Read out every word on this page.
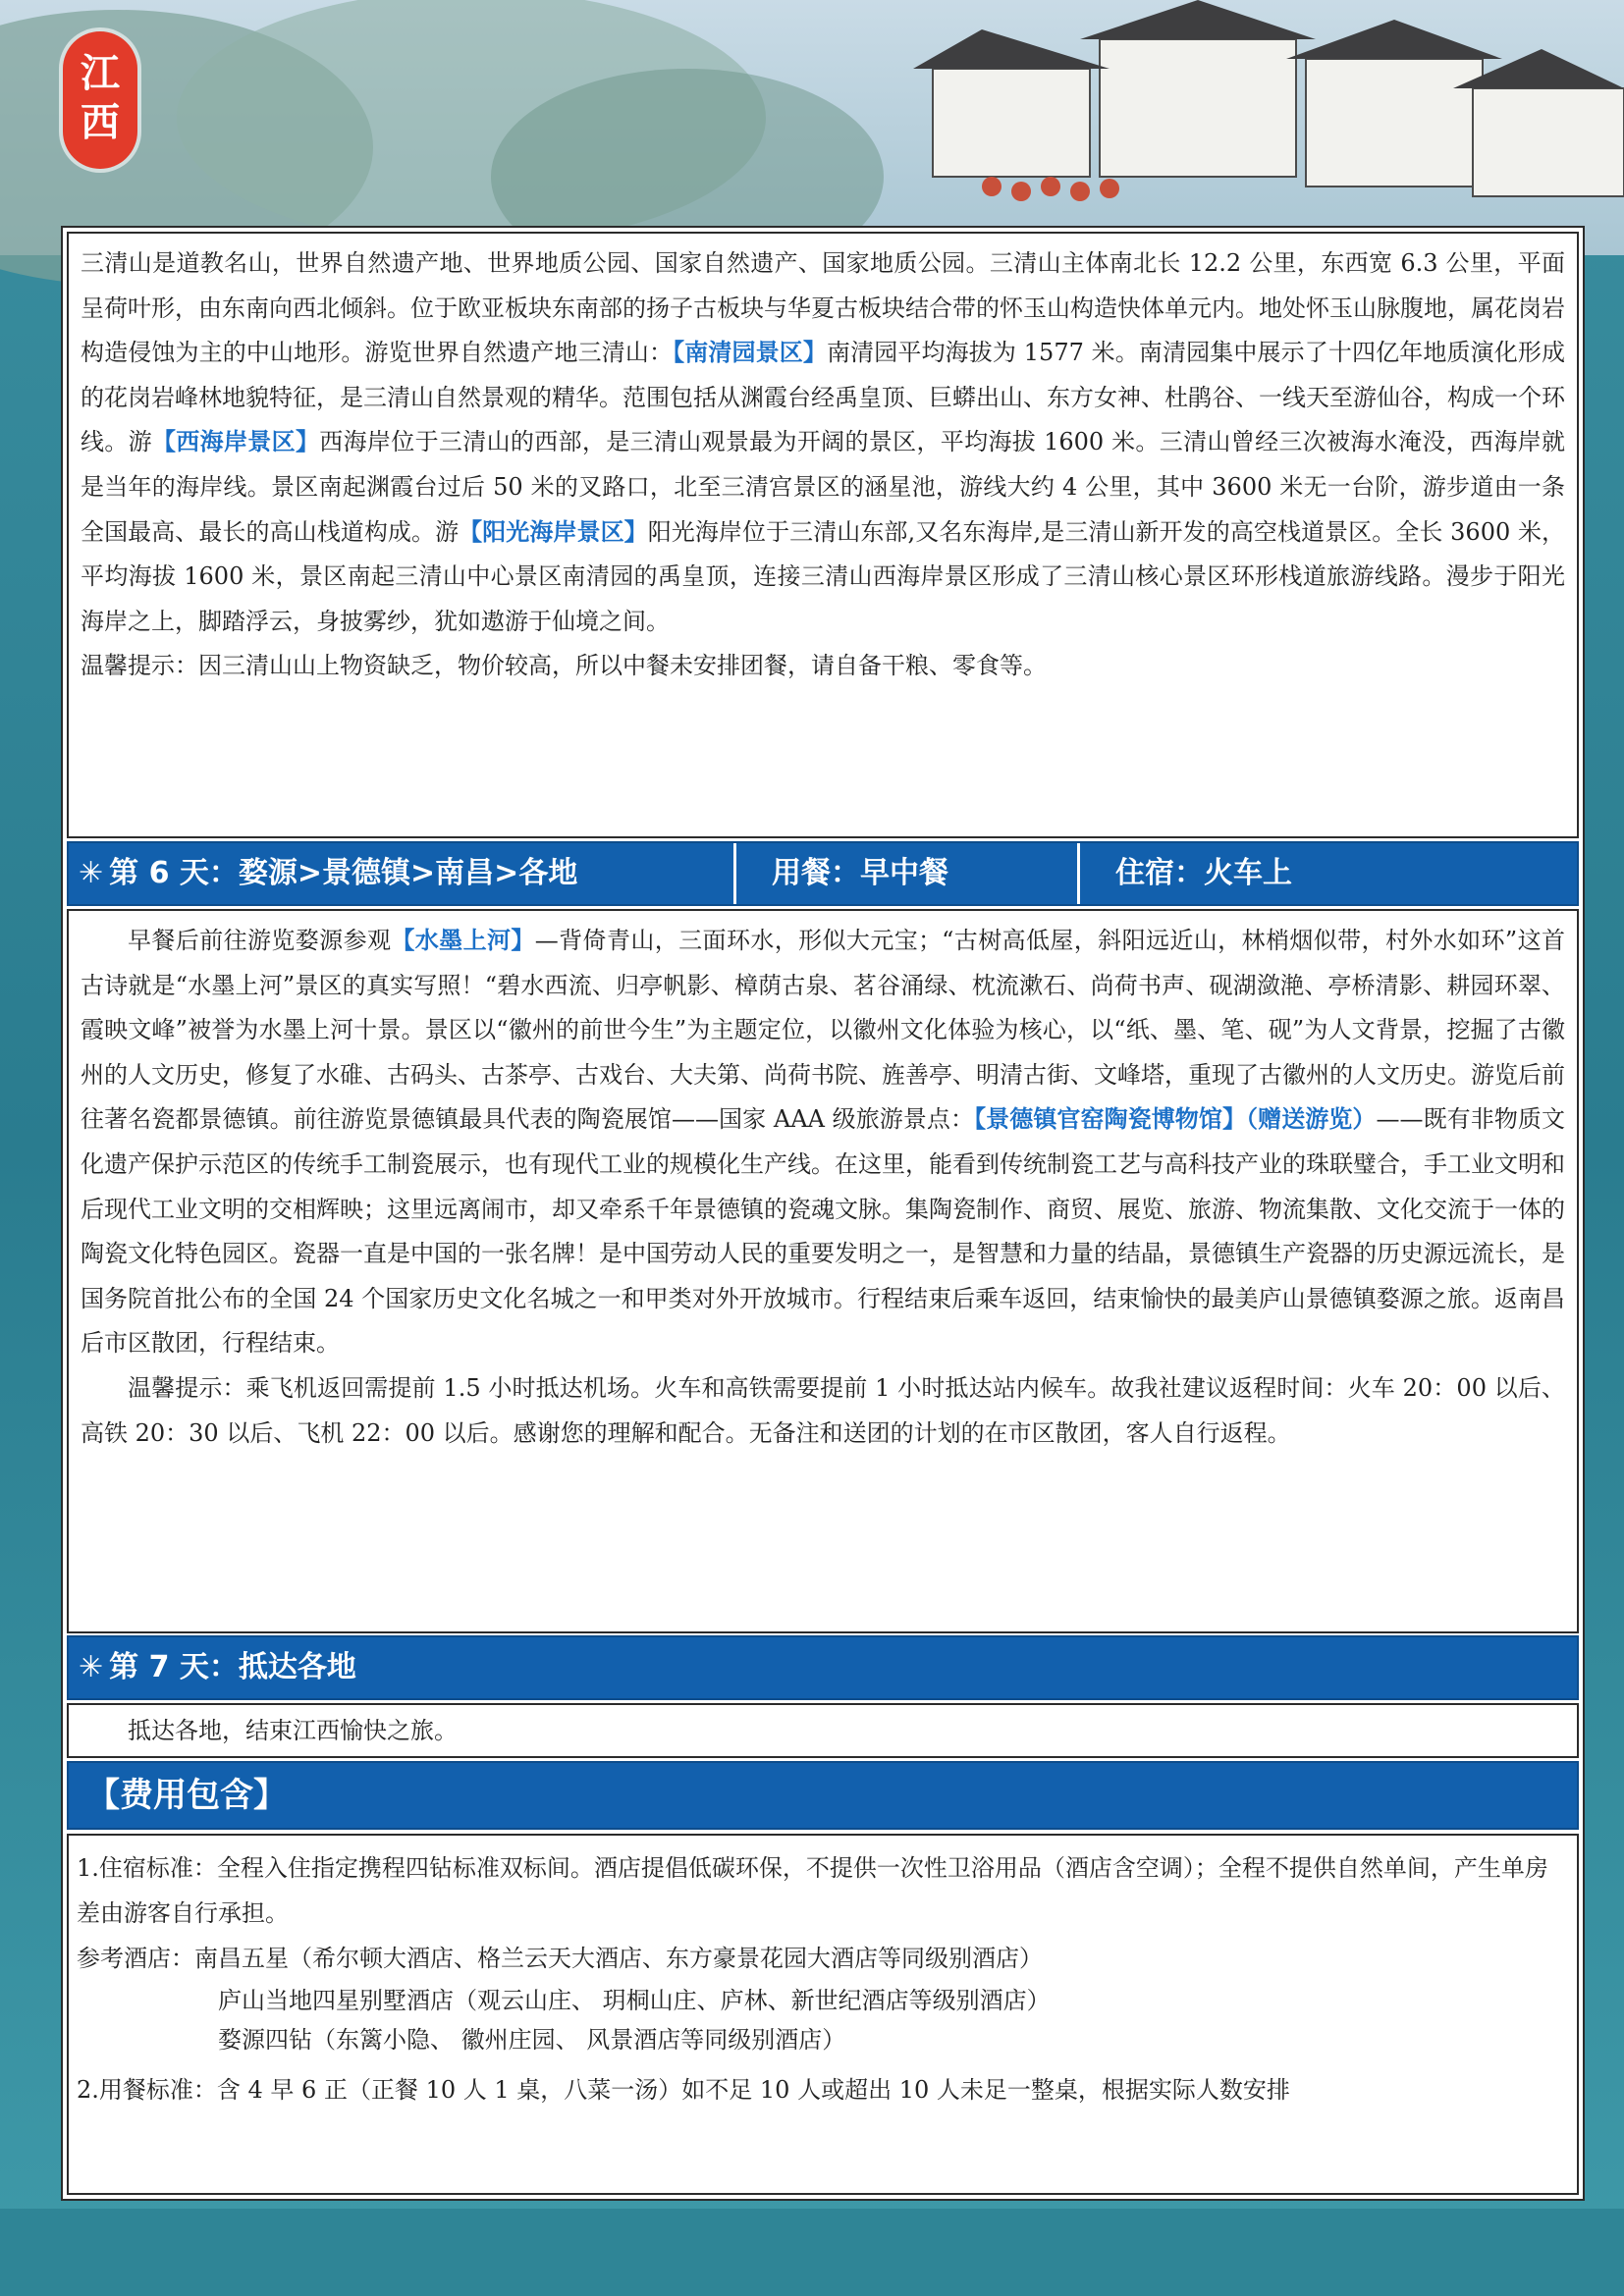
江
西

三清山是道教名山，世界自然遗产地、世界地质公园、国家自然遗产、国家地质公园。三清山主体南北长 12.2 公里，东西宽 6.3 公里，平面呈荷叶形，由东南向西北倾斜。位于欧亚板块东南部的扬子古板块与华夏古板块结合带的怀玉山构造快体单元内。地处怀玉山脉腹地，属花岗岩构造侵蚀为主的中山地形。游览世界自然遗产地三清山：【南清园景区】南清园平均海拔为 1577 米。南清园集中展示了十四亿年地质演化形成的花岗岩峰林地貌特征，是三清山自然景观的精华。范围包括从渊霞台经禹皇顶、巨蟒出山、东方女神、杜鹃谷、一线天至游仙谷，构成一个环线。游【西海岸景区】西海岸位于三清山的西部，是三清山观景最为开阔的景区，平均海拔 1600 米。三清山曾经三次被海水淹没，西海岸就是当年的海岸线。景区南起渊霞台过后 50 米的叉路口，北至三清宫景区的涵星池，游线大约 4 公里，其中 3600 米无一台阶，游步道由一条全国最高、最长的高山栈道构成。游【阳光海岸景区】阳光海岸位于三清山东部,又名东海岸,是三清山新开发的高空栈道景区。全长 3600 米，平均海拔 1600 米，景区南起三清山中心景区南清园的禹皇顶，连接三清山西海岸景区形成了三清山核心景区环形栈道旅游线路。漫步于阳光海岸之上，脚踏浮云，身披雾纱，犹如遨游于仙境之间。

温馨提示：因三清山山上物资缺乏，物价较高，所以中餐未安排团餐，请自备干粮、零食等。

✳ 第 6 天：婺源>景德镇>南昌>各地	用餐：早中餐	住宿：火车上

早餐后前往游览婺源参观【水墨上河】—背倚青山，三面环水，形似大元宝；“古树高低屋，斜阳远近山，林梢烟似带，村外水如环”这首古诗就是“水墨上河”景区的真实写照！“碧水西流、归亭帆影、樟荫古泉、茗谷涌绿、枕流漱石、尚荷书声、砚湖潋滟、亭桥清影、耕园环翠、霞映文峰”被誉为水墨上河十景。景区以“徽州的前世今生”为主题定位，以徽州文化体验为核心，以“纸、墨、笔、砚”为人文背景，挖掘了古徽州的人文历史，修复了水碓、古码头、古茶亭、古戏台、大夫第、尚荷书院、旌善亭、明清古街、文峰塔，重现了古徽州的人文历史。游览后前往著名瓷都景德镇。前往游览景德镇最具代表的陶瓷展馆——国家 AAA 级旅游景点：【景德镇官窑陶瓷博物馆】（赠送游览）——既有非物质文化遗产保护示范区的传统手工制瓷展示，也有现代工业的规模化生产线。在这里，能看到传统制瓷工艺与高科技产业的珠联璧合，手工业文明和后现代工业文明的交相辉映；这里远离闹市，却又牵系千年景德镇的瓷魂文脉。集陶瓷制作、商贸、展览、旅游、物流集散、文化交流于一体的陶瓷文化特色园区。瓷器一直是中国的一张名牌！是中国劳动人民的重要发明之一，是智慧和力量的结晶，景德镇生产瓷器的历史源远流长，是国务院首批公布的全国 24 个国家历史文化名城之一和甲类对外开放城市。行程结束后乘车返回，结束愉快的最美庐山景德镇婺源之旅。返南昌后市区散团，行程结束。

温馨提示：乘飞机返回需提前 1.5 小时抵达机场。火车和高铁需要提前 1 小时抵达站内候车。故我社建议返程时间：火车 20：00 以后、高铁 20：30 以后、飞机 22：00 以后。感谢您的理解和配合。无备注和送团的计划的在市区散团，客人自行返程。

✳ 第 7 天：抵达各地

抵达各地，结束江西愉快之旅。

【费用包含】

1.住宿标准：全程入住指定携程四钻标准双标间。酒店提倡低碳环保，不提供一次性卫浴用品（酒店含空调）；全程不提供自然单间，产生单房差由游客自行承担。

参考酒店：南昌五星（希尔顿大酒店、格兰云天大酒店、东方豪景花园大酒店等同级别酒店）

庐山当地四星别墅酒店（观云山庄、 玥桐山庄、庐林、新世纪酒店等级别酒店）

婺源四钻（东篱小隐、 徽州庄园、 风景酒店等同级别酒店）

2.用餐标准：含 4 早 6 正（正餐 10 人 1 桌，八菜一汤）如不足 10 人或超出 10 人未足一整桌，根据实际人数安排
